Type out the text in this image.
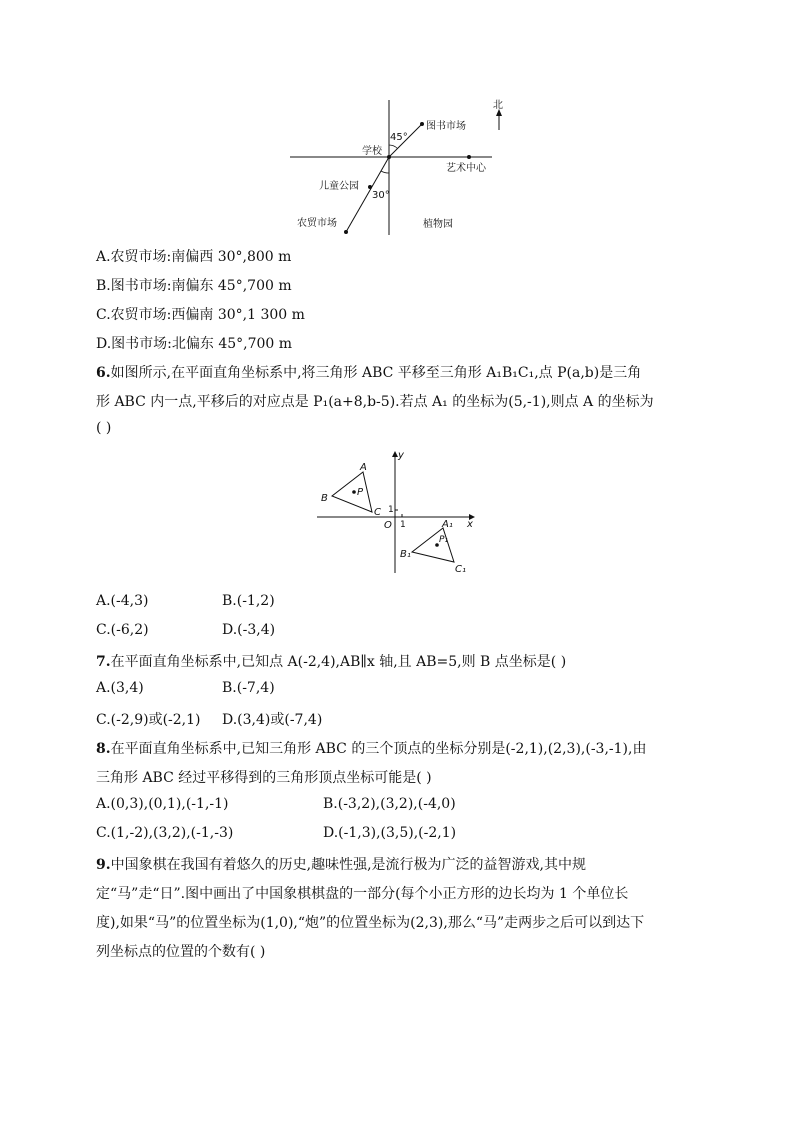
北
学校
图书市场
45°
艺术中心
儿童公园
30°
农贸市场	植物园
A.农贸市场:南偏西 30°,800 m
B.图书市场:南偏东 45°,700 m
C.农贸市场:西偏南 30°,1 300 m
D.图书市场:北偏东 45°,700 m
6.如图所示,在平面直角坐标系中,将三角形 ABC 平移至三角形 A₁B₁C₁,点 P(a,b)是三角
形 ABC 内一点,平移后的对应点是 P₁(a+8,b-5).若点 A₁ 的坐标为(5,-1),则点 A 的坐标为
( )
y
x
O 1
1
A
B
C
P
A₁
B₁
C₁
P₁
A.(-4,3)	B.(-1,2)
C.(-6,2)	D.(-3,4)
7.在平面直角坐标系中,已知点 A(-2,4),AB∥x 轴,且 AB=5,则 B 点坐标是( )
A.(3,4)	B.(-7,4)
C.(-2,9)或(-2,1) D.(3,4)或(-7,4)
8.在平面直角坐标系中,已知三角形 ABC 的三个顶点的坐标分别是(-2,1),(2,3),(-3,-1),由
三角形 ABC 经过平移得到的三角形顶点坐标可能是( )
A.(0,3),(0,1),(-1,-1)	B.(-3,2),(3,2),(-4,0)
C.(1,-2),(3,2),(-1,-3)	D.(-1,3),(3,5),(-2,1)
9.中国象棋在我国有着悠久的历史,趣味性强,是流行极为广泛的益智游戏,其中规
定“马”走“日”.图中画出了中国象棋棋盘的一部分(每个小正方形的边长均为 1 个单位长
度),如果“马”的位置坐标为(1,0),“炮”的位置坐标为(2,3),那么“马”走两步之后可以到达下
列坐标点的位置的个数有( )
